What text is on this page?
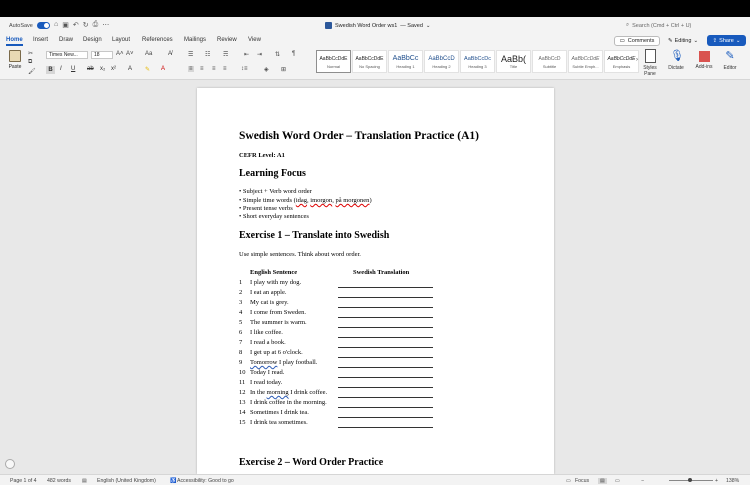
AutoSave	⌂ ▣ ↶ ↻ ⎙ ⋯	Swedish Word Order ws1 — Saved ⌄	⌕ Search (Cmd + Ctrl + U)
Home Insert Draw Design Layout References Mailings Review View	▭ Comments ✎ Editing ⌄	⇪ Share ⌄
Paste
✂
⧉
🖌
Times New...	18	A˄ A˅ Aa	A̸
B	I U ab x₂ x² A ✎ A
☰ ☷ ☴	⇤ ⇥ ⇅ ¶
≡ ≡ ≡ ≡ ↕≡	◈ ⊞
AaBbCcDdE
Normal
AaBbCcDdE
No Spacing
AaBbCc
Heading 1
AaBbCcD
Heading 2
AaBbCcDc
Heading 3
AaBb(
Title
AaBbCcD
Subtitle
AaBbCcDdE
Subtle Emph...
AaBbCcDdE
Emphasis
›
Styles Pane
🎙
Dictate	Add-ins
✎
Editor
Swedish Word Order – Translation Practice (A1)
CEFR Level: A1
Learning Focus
• Subject + Verb word order
• Simple time words (idag, imorgon, på morgonen)
• Present tense verbs
• Short everyday sentences
Exercise 1 – Translate into Swedish
Use simple sentences. Think about word order.
English Sentence	Swedish Translation
1 I play with my dog.
2 I eat an apple.
3 My cat is grey.
4 I come from Sweden.
5 The summer is warm.
6 I like coffee.
7 I read a book.
8 I get up at 6 o'clock.
9 Tomorrow I play football.
10 Today I read.
11 I read today.
12 In the morning I drink coffee.
13 I drink coffee in the morning.
14 Sometimes I drink tea.
15 I drink tea sometimes.
Exercise 2 – Word Order Practice
Page 1 of 4 482 words ▤ English (United Kingdom)	♿ Accessibility: Good to go	▭ Focus	▤	▭	−	+ 138%
